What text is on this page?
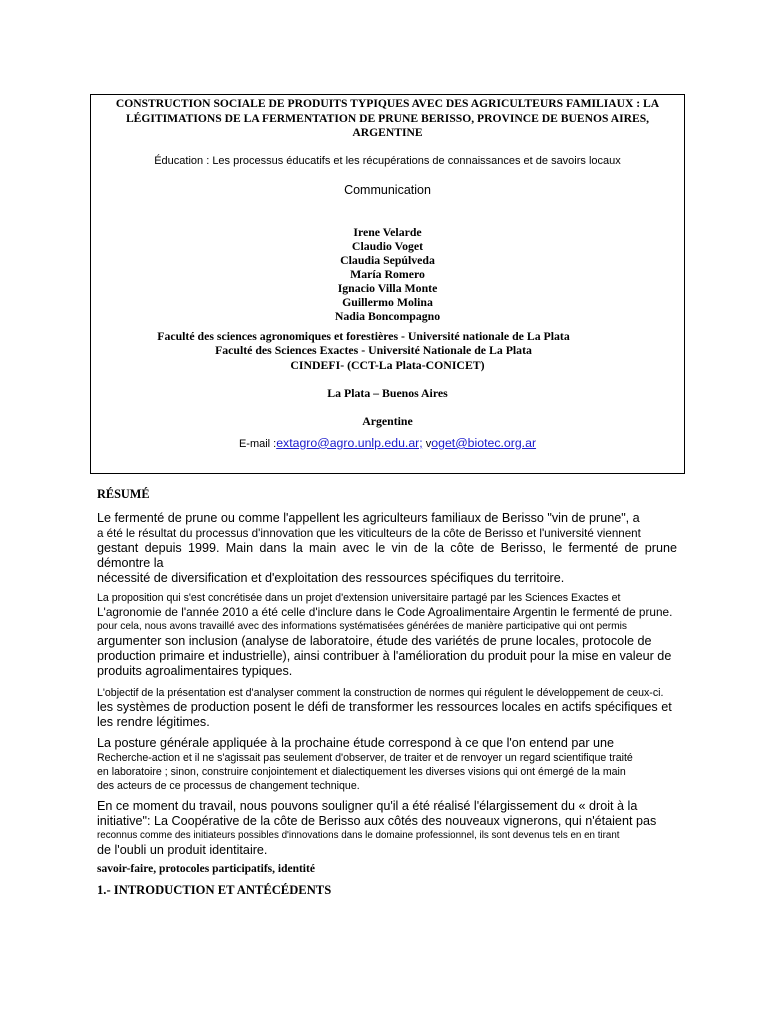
CONSTRUCTION SOCIALE DE PRODUITS TYPIQUES AVEC DES AGRICULTEURS FAMILIAUX : LA LÉGITIMATIONS DE LA FERMENTATION DE PRUNE BERISSO, PROVINCE DE BUENOS AIRES, ARGENTINE
Éducation : Les processus éducatifs et les récupérations de connaissances et de savoirs locaux
Communication
Irene Velarde
Claudio Voget
Claudia Sepúlveda
María Romero
Ignacio Villa Monte
Guillermo Molina
Nadia Boncompagno
Faculté des sciences agronomiques et forestières - Université nationale de La Plata
Faculté des Sciences Exactes - Université Nationale de La Plata
CINDEFI- (CCT-La Plata-CONICET)
La Plata – Buenos Aires
Argentine
E-mail :extagro@agro.unlp.edu.ar; voget@biotec.org.ar
RÉSUMÉ
Le fermenté de prune ou comme l'appellent les agriculteurs familiaux de Berisso "vin de prune", a
a été le résultat du processus d'innovation que les viticulteurs de la côte de Berisso et l'université viennent
gestant depuis 1999. Main dans la main avec le vin de la côte de Berisso, le fermenté de prune démontre la
nécessité de diversification et d'exploitation des ressources spécifiques du territoire.
La proposition qui s'est concrétisée dans un projet d'extension universitaire partagé par les Sciences Exactes et
L'agronomie de l'année 2010 a été celle d'inclure dans le Code Agroalimentaire Argentin le fermenté de prune.
pour cela, nous avons travaillé avec des informations systématisées générées de manière participative qui ont permis
argumenter son inclusion (analyse de laboratoire, étude des variétés de prune locales, protocole de
production primaire et industrielle), ainsi contribuer à l'amélioration du produit pour la mise en valeur de
produits agroalimentaires typiques.
L'objectif de la présentation est d'analyser comment la construction de normes qui régulent le développement de ceux-ci.
les systèmes de production posent le défi de transformer les ressources locales en actifs spécifiques et
les rendre légitimes.
La posture générale appliquée à la prochaine étude correspond à ce que l'on entend par une
Recherche-action et il ne s'agissait pas seulement d'observer, de traiter et de renvoyer un regard scientifique traité
en laboratoire ; sinon, construire conjointement et dialectiquement les diverses visions qui ont émergé de la main
des acteurs de ce processus de changement technique.
En ce moment du travail, nous pouvons souligner qu'il a été réalisé l'élargissement du « droit à la
initiative": La Coopérative de la côte de Berisso aux côtés des nouveaux vignerons, qui n'étaient pas
reconnus comme des initiateurs possibles d'innovations dans le domaine professionnel, ils sont devenus tels en en tirant
de l'oubli un produit identitaire.
savoir-faire, protocoles participatifs, identité
1.- INTRODUCTION ET ANTÉCÉDENTS
